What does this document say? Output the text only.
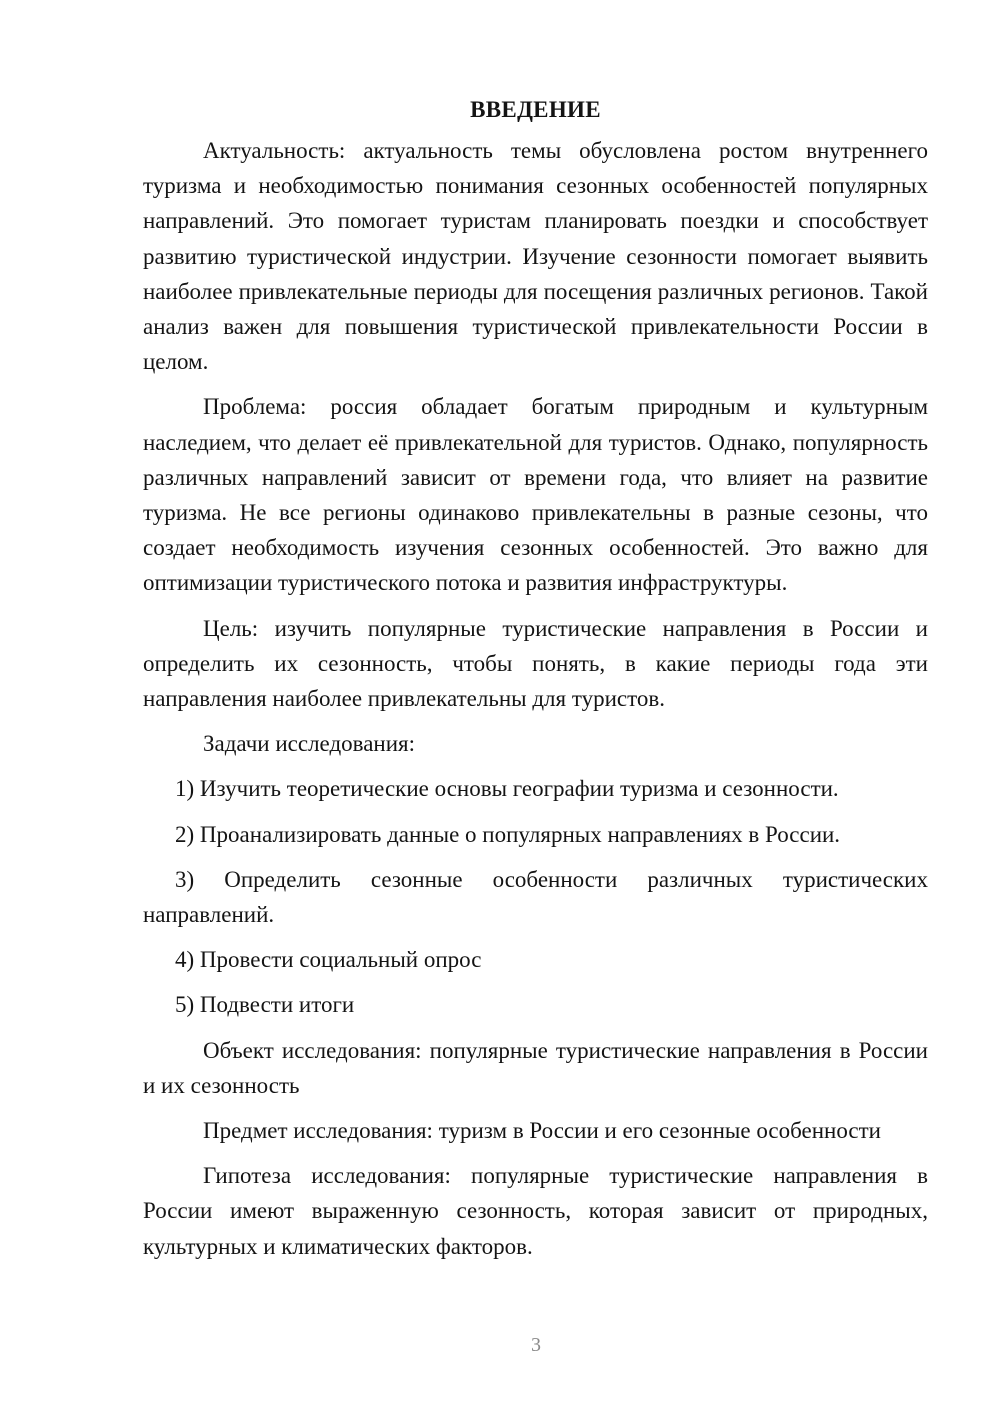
ВВЕДЕНИЕ

Актуальность: актуальность темы обусловлена ростом внутреннего туризма и необходимостью понимания сезонных особенностей популярных направлений. Это помогает туристам планировать поездки и способствует развитию туристической индустрии. Изучение сезонности помогает выявить наиболее привлекательные периоды для посещения различных регионов. Такой анализ важен для повышения туристической привлекательности России в целом.

Проблема: россия обладает богатым природным и культурным наследием, что делает её привлекательной для туристов. Однако, популярность различных направлений зависит от времени года, что влияет на развитие туризма. Не все регионы одинаково привлекательны в разные сезоны, что создает необходимость изучения сезонных особенностей. Это важно для оптимизации туристического потока и развития инфраструктуры.

Цель: изучить популярные туристические направления в России и определить их сезонность, чтобы понять, в какие периоды года эти направления наиболее привлекательны для туристов.

Задачи исследования:

1) Изучить теоретические основы географии туризма и сезонности.

2) Проанализировать данные о популярных направлениях в России.

3) Определить сезонные особенности различных туристических направлений.

4) Провести социальный опрос

5) Подвести итоги

Объект исследования: популярные туристические направления в России и их сезонность

Предмет исследования: туризм в России и его сезонные особенности

Гипотеза исследования: популярные туристические направления в России имеют выраженную сезонность, которая зависит от природных, культурных и климатических факторов.

3
